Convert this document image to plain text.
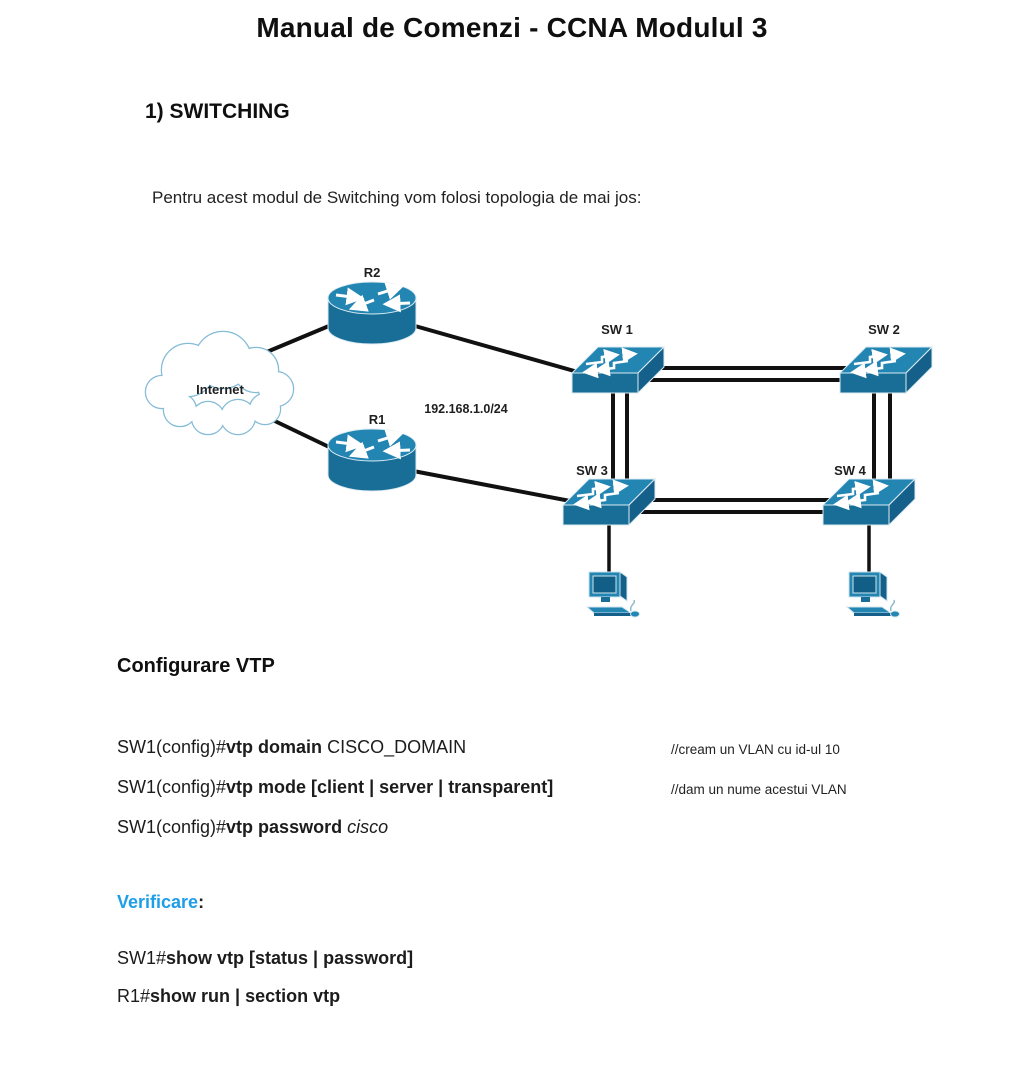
Manual de Comenzi - CCNA Modulul 3
1) SWITCHING

Pentru acest modul de Switching vom folosi topologia de mai jos:

Internet
R2
R1
SW 1	SW 2
SW 3	SW 4
192.168.1.0/24
Configurare VTP
SW1(config)#vtp domain CISCO_DOMAIN
SW1(config)#vtp mode [client | server | transparent]
SW1(config)#vtp password cisco
//cream un VLAN cu id-ul 10
//dam un nume acestui VLAN
Verificare:
SW1#show vtp [status | password]
R1#show run | section vtp
